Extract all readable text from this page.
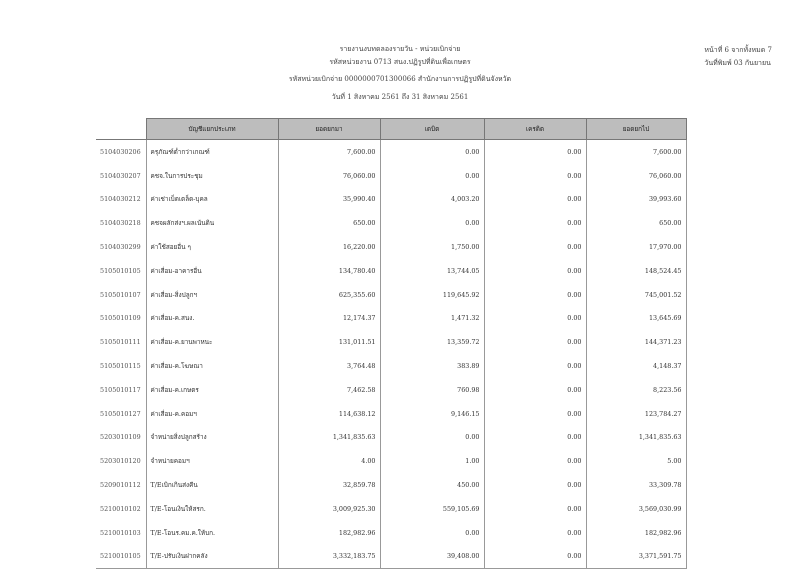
รายงานงบทดลองรายวัน - หน่วยเบิกจ่าย
รหัสหน่วยงาน 0713 สนง.ปฏิรูปที่ดินเพื่อเกษตร
รหัสหน่วยเบิกจ่าย 0000000701300066 สำนักงานการปฏิรูปที่ดินจังหวัด
วันที่ 1 สิงหาคม 2561 ถึง 31 สิงหาคม 2561
หน้าที่ 6 จากทั้งหมด 7
วันที่พิมพ์ 03 กันยายน
	บัญชีแยกประเภท	ยอดยกมา	เดบิต	เครดิต	ยอดยกไป
5104030206	ครุภัณฑ์ต่ำกว่าเกณฑ์	7,600.00	0.00	0.00	7,600.00
5104030207	คชจ.ในการประชุม	76,060.00	0.00	0.00	76,060.00
5104030212	ค่าเช่าเบ็ดเตล็ด-บุคล	35,990.40	4,003.20	0.00	39,993.60
5104030218	คชจผลักส่งฯ.ผลเน้นดิน	650.00	0.00	0.00	650.00
5104030299	ค่าใช้สอยอื่น ๆ	16,220.00	1,750.00	0.00	17,970.00
5105010105	ค่าเสื่อม-อาคารอื่น	134,780.40	13,744.05	0.00	148,524.45
5105010107	ค่าเสื่อม-สิ่งปลูกฯ	625,355.60	119,645.92	0.00	745,001.52
5105010109	ค่าเสื่อม-ค.สนง.	12,174.37	1,471.32	0.00	13,645.69
5105010111	ค่าเสื่อม-ค.ยานพาหนะ	131,011.51	13,359.72	0.00	144,371.23
5105010115	ค่าเสื่อม-ค.โฆษณา	3,764.48	383.89	0.00	4,148.37
5105010117	ค่าเสื่อม-ค.เกษตร	7,462.58	760.98	0.00	8,223.56
5105010127	ค่าเสื่อม-ค.คอมฯ	114,638.12	9,146.15	0.00	123,784.27
5203010109	จำหน่ายสิ่งปลูกสร้าง	1,341,835.63	0.00	0.00	1,341,835.63
5203010120	จำหน่ายคอมฯ	4.00	1.00	0.00	5.00
5209010112	T/Eเบิกเกินส่งคืน	32,859.78	450.00	0.00	33,309.78
5210010102	T/E-โอนเงินให้สรก.	3,009,925.30	559,105.69	0.00	3,569,030.99
5210010103	T/E-โอนร.คม.ค.ให้บก.	182,982.96	0.00	0.00	182,982.96
5210010105	T/E-ปรับเงินฝากคลัง	3,332,183.75	39,408.00	0.00	3,371,591.75
